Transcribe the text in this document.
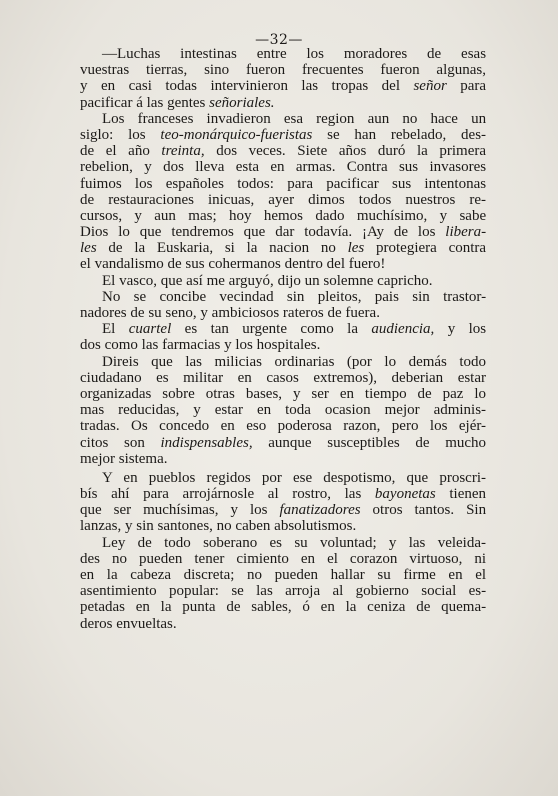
—32—
—Luchas intestinas entre los moradores de esas
vuestras tierras, sino fueron frecuentes fueron algunas,
y en casi todas intervinieron las tropas del señor para
pacificar á las gentes señoriales.
Los franceses invadieron esa region aun no hace un
siglo: los teo-monárquico-fueristas se han rebelado, des-
de el año treinta, dos veces. Siete años duró la primera
rebelion, y dos lleva esta en armas. Contra sus invasores
fuimos los españoles todos: para pacificar sus intentonas
de restauraciones inicuas, ayer dimos todos nuestros re-
cursos, y aun mas; hoy hemos dado muchísimo, y sabe
Dios lo que tendremos que dar todavía. ¡Ay de los libera-
les de la Euskaria, si la nacion no les protegiera contra
el vandalismo de sus cohermanos dentro del fuero!
El vasco, que así me arguyó, dijo un solemne capricho.
No se concibe vecindad sin pleitos, pais sin trastor-
nadores de su seno, y ambiciosos rateros de fuera.
El cuartel es tan urgente como la audiencia, y los
dos como las farmacias y los hospitales.
Direis que las milicias ordinarias (por lo demás todo
ciudadano es militar en casos extremos), deberian estar
organizadas sobre otras bases, y ser en tiempo de paz lo
mas reducidas, y estar en toda ocasion mejor adminis-
tradas. Os concedo en eso poderosa razon, pero los ejér-
citos son indispensables, aunque susceptibles de mucho
mejor sistema.
Y en pueblos regidos por ese despotismo, que proscri-
bís ahí para arrojárnosle al rostro, las bayonetas tienen
que ser muchísimas, y los fanatizadores otros tantos. Sin
lanzas, y sin santones, no caben absolutismos.
Ley de todo soberano es su voluntad; y las veleida-
des no pueden tener cimiento en el corazon virtuoso, ni
en la cabeza discreta; no pueden hallar su firme en el
asentimiento popular: se las arroja al gobierno social es-
petadas en la punta de sables, ó en la ceniza de quema-
deros envueltas.
